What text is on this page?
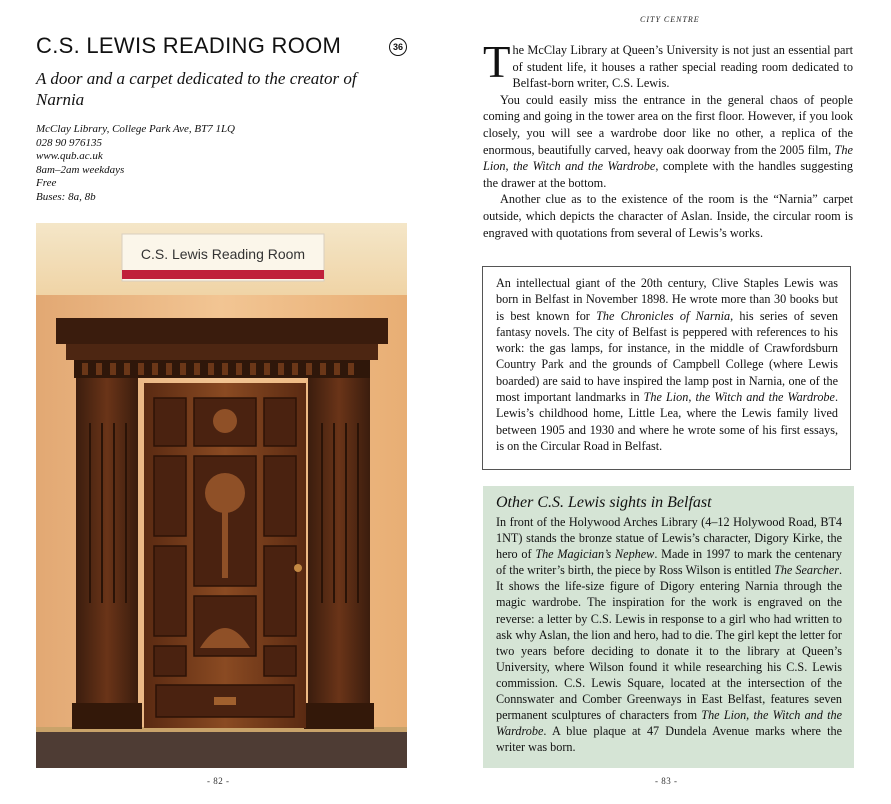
C.S. LEWIS READING ROOM	36

A door and a carpet dedicated to the creator of Narnia

McClay Library, College Park Ave, BT7 1LQ
028 90 976135
www.qub.ac.uk
8am–2am weekdays
Free
Buses: 8a, 8b
C.S. Lewis Reading Room
- 82 -
CITY CENTRE

The McClay Library at Queen’s University is not just an essential part of student life, it houses a rather special reading room dedicated to Belfast-born writer, C.S. Lewis.

You could easily miss the entrance in the general chaos of people coming and going in the tower area on the first floor. However, if you look closely, you will see a wardrobe door like no other, a replica of the enormous, beautifully carved, heavy oak doorway from the 2005 film, The Lion, the Witch and the Wardrobe, complete with the handles suggesting the drawer at the bottom.

Another clue as to the existence of the room is the “Narnia” carpet outside, which depicts the character of Aslan. Inside, the circular room is engraved with quotations from several of Lewis’s works.

An intellectual giant of the 20th century, Clive Staples Lewis was born in Belfast in November 1898. He wrote more than 30 books but is best known for The Chronicles of Narnia, his series of seven fantasy novels. The city of Belfast is peppered with references to his work: the gas lamps, for instance, in the middle of Crawfordsburn Country Park and the grounds of Campbell College (where Lewis boarded) are said to have inspired the lamp post in Narnia, one of the most important landmarks in The Lion, the Witch and the Wardrobe. Lewis’s childhood home, Little Lea, where the Lewis family lived between 1905 and 1930 and where he wrote some of his first essays, is on the Circular Road in Belfast.
Other C.S. Lewis sights in Belfast

In front of the Holywood Arches Library (4–12 Holywood Road, BT4 1NT) stands the bronze statue of Lewis’s character, Digory Kirke, the hero of The Magician’s Nephew. Made in 1997 to mark the centenary of the writer’s birth, the piece by Ross Wilson is entitled The Searcher. It shows the life-size figure of Digory entering Narnia through the magic wardrobe. The inspiration for the work is engraved on the reverse: a letter by C.S. Lewis in response to a girl who had written to ask why Aslan, the lion and hero, had to die. The girl kept the letter for two years before deciding to donate it to the library at Queen’s University, where Wilson found it while researching his C.S. Lewis commission. C.S. Lewis Square, located at the intersection of the Connswater and Comber Greenways in East Belfast, features seven permanent sculptures of characters from The Lion, the Witch and the Wardrobe. A blue plaque at 47 Dundela Avenue marks where the writer was born.

- 83 -
